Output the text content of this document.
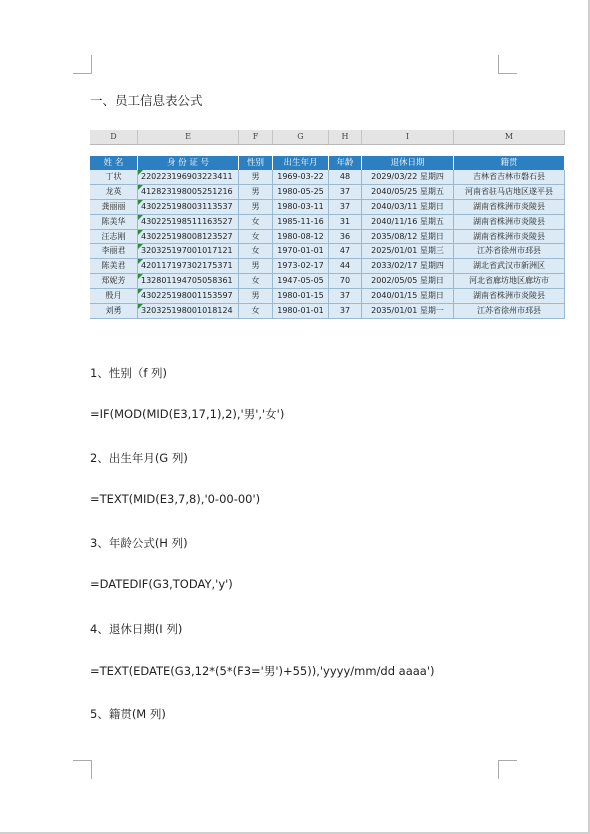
一、员工信息表公式
D	E	F	G	H	I	M
姓 名	身 份 证 号	性别	出生年月	年龄	退休日期	籍贯
丁状	220223196903223411	男	1969-03-22	48	2029/03/22 星期四	吉林省吉林市磐石县
龙英	412823198005251216	男	1980-05-25	37	2040/05/25 星期五	河南省驻马店地区遂平县
龚丽丽	430225198003113537	男	1980-03-11	37	2040/03/11 星期日	湖南省株洲市炎陵县
陈美华	430225198511163527	女	1985-11-16	31	2040/11/16 星期五	湖南省株洲市炎陵县
汪志刚	430225198008123527	女	1980-08-12	36	2035/08/12 星期日	湖南省株洲市炎陵县
李丽君	320325197001017121	女	1970-01-01	47	2025/01/01 星期三	江苏省徐州市邳县
陈美君	420117197302175371	男	1973-02-17	44	2033/02/17 星期四	湖北省武汉市新洲区
郑妮芳	132801194705058361	女	1947-05-05	70	2002/05/05 星期日	河北省廊坊地区廊坊市
殷月	430225198001153597	男	1980-01-15	37	2040/01/15 星期日	湖南省株洲市炎陵县
刘勇	320325198001018124	女	1980-01-01	37	2035/01/01 星期一	江苏省徐州市邳县
1、性别（f 列)
=IF(MOD(MID(E3,17,1),2),'男','女')
2、出生年月(G 列)
=TEXT(MID(E3,7,8),'0-00-00')
3、年龄公式(H 列)
=DATEDIF(G3,TODAY,'y')
4、退休日期(I 列)
=TEXT(EDATE(G3,12*(5*(F3='男')+55)),'yyyy/mm/dd aaaa')
5、籍贯(M 列)
